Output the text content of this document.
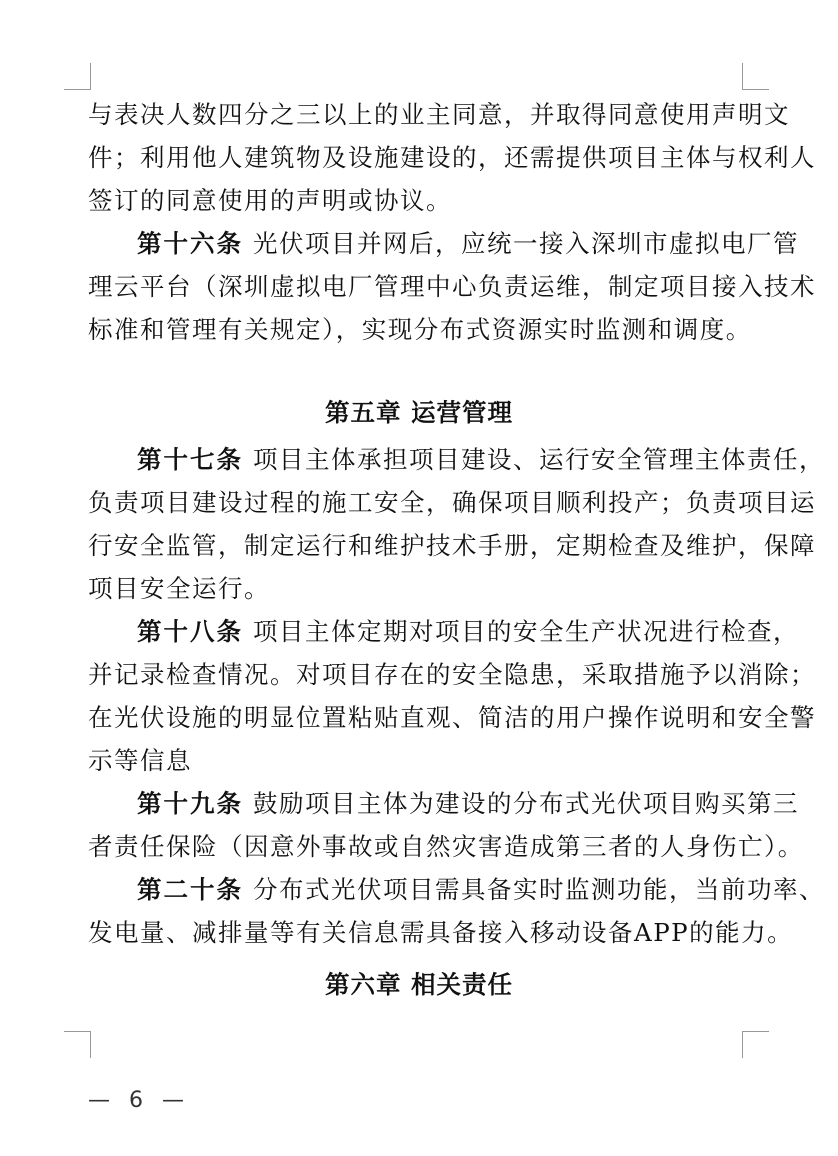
与表决人数四分之三以上的业主同意，并取得同意使用声明文
件；利用他人建筑物及设施建设的，还需提供项目主体与权利人
签订的同意使用的声明或协议。
第十六条 光伏项目并网后，应统一接入深圳市虚拟电厂管
理云平台（深圳虚拟电厂管理中心负责运维，制定项目接入技术
标准和管理有关规定），实现分布式资源实时监测和调度。
第五章 运营管理
第十七条 项目主体承担项目建设、运行安全管理主体责任，
负责项目建设过程的施工安全，确保项目顺利投产；负责项目运
行安全监管，制定运行和维护技术手册，定期检查及维护，保障
项目安全运行。
第十八条 项目主体定期对项目的安全生产状况进行检查，
并记录检查情况。对项目存在的安全隐患，采取措施予以消除；
在光伏设施的明显位置粘贴直观、简洁的用户操作说明和安全警
示等信息
第十九条 鼓励项目主体为建设的分布式光伏项目购买第三
者责任保险（因意外事故或自然灾害造成第三者的人身伤亡）。
第二十条 分布式光伏项目需具备实时监测功能，当前功率、
发电量、减排量等有关信息需具备接入移动设备APP的能力。
第六章 相关责任
— 6 —
